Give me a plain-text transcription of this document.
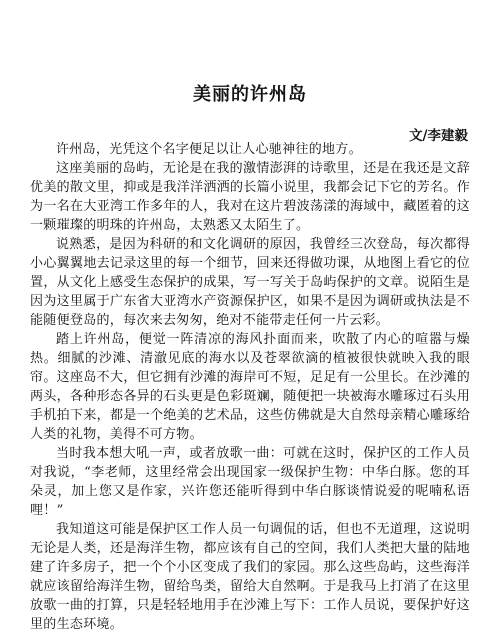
美丽的许州岛
文/李建毅

许州岛，光凭这个名字便足以让人心驰神往的地方。

这座美丽的岛屿，无论是在我的激情澎湃的诗歌里，还是在我还是文辞优美的散文里，抑或是我洋洋洒洒的长篇小说里，我都会记下它的芳名。作为一名在大亚湾工作多年的人，我对在这片碧波荡漾的海域中，藏匿着的这一颗璀璨的明珠的许州岛，太熟悉又太陌生了。

说熟悉，是因为科研的和文化调研的原因，我曾经三次登岛，每次都得小心翼翼地去记录这里的每一个细节，回来还得做功课，从地图上看它的位置，从文化上感受生态保护的成果，写一写关于岛屿保护的文章。说陌生是因为这里属于广东省大亚湾水产资源保护区，如果不是因为调研或执法是不能随便登岛的，每次来去匆匆，绝对不能带走任何一片云彩。

踏上许州岛，便觉一阵清凉的海风扑面而来，吹散了内心的喧嚣与燥热。细腻的沙滩、清澈见底的海水以及苍翠欲滴的植被很快就映入我的眼帘。这座岛不大，但它拥有沙滩的海岸可不短，足足有一公里长。在沙滩的两头，各种形态各异的石头更是色彩斑斓，随便把一块被海水雕琢过石头用手机拍下来，都是一个绝美的艺术品，这些仿佛就是大自然母亲精心雕琢给人类的礼物，美得不可方物。

当时我本想大吼一声，或者放歌一曲：可就在这时，保护区的工作人员对我说，“李老师，这里经常会出现国家一级保护生物：中华白豚。您的耳朵灵，加上您又是作家，兴许您还能听得到中华白豚谈情说爱的呢喃私语哩！”

我知道这可能是保护区工作人员一句调侃的话，但也不无道理，这说明无论是人类，还是海洋生物，都应该有自己的空间，我们人类把大量的陆地建了许多房子，把一个个小区变成了我们的家园。那么这些岛屿，这些海洋就应该留给海洋生物，留给鸟类，留给大自然啊。于是我马上打消了在这里放歌一曲的打算，只是轻轻地用手在沙滩上写下：工作人员说，要保护好这里的生态环境。
